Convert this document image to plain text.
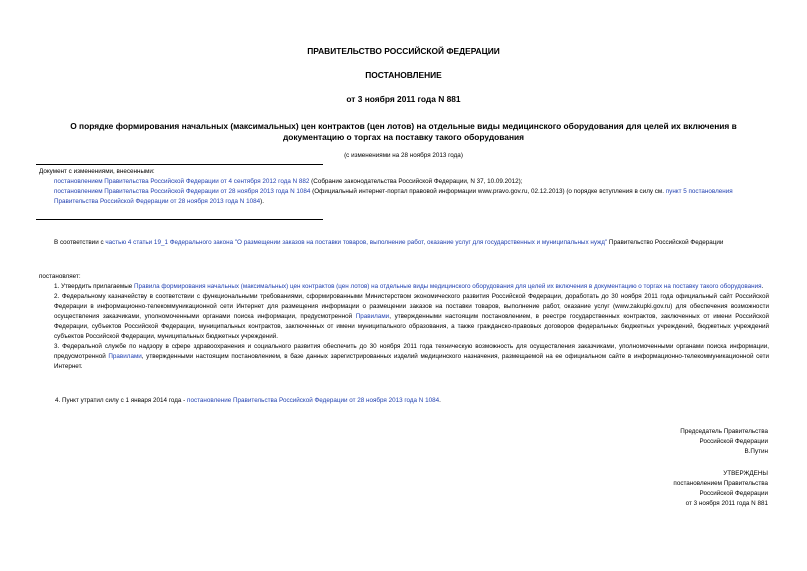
ПРАВИТЕЛЬСТВО РОССИЙСКОЙ ФЕДЕРАЦИИ
ПОСТАНОВЛЕНИЕ
от 3 ноября 2011 года N 881
О порядке формирования начальных (максимальных) цен контрактов (цен лотов) на отдельные виды медицинского оборудования для целей их включения в документацию о торгах на поставку такого оборудования
(с изменениями на 28 ноября 2013 года)
Документ с изменениями, внесенными:
постановлением Правительства Российской Федерации от 4 сентября 2012 года N 882 (Собрание законодательства Российской Федерации, N 37, 10.09.2012);
постановлением Правительства Российской Федерации от 28 ноября 2013 года N 1084 (Официальный интернет-портал правовой информации www.pravo.gov.ru, 02.12.2013) (о порядке вступления в силу см. пункт 5 постановления Правительства Российской Федерации от 28 ноября 2013 года N 1084).
В соответствии с частью 4 статьи 19_1 Федерального закона "О размещении заказов на поставки товаров, выполнение работ, оказание услуг для государственных и муниципальных нужд" Правительство Российской Федерации
постановляет:

1. Утвердить прилагаемые Правила формирования начальных (максимальных) цен контрактов (цен лотов) на отдельные виды медицинского оборудования для целей их включения в документацию о торгах на поставку такого оборудования.

2. Федеральному казначейству в соответствии с функциональными требованиями, сформированными Министерством экономического развития Российской Федерации, доработать до 30 ноября 2011 года официальный сайт Российской Федерации в информационно-телекоммуникационной сети Интернет для размещения информации о размещении заказов на поставки товаров, выполнение работ, оказание услуг (www.zakupki.gov.ru) для обеспечения возможности осуществления заказчиками, уполномоченными органами поиска информации, предусмотренной Правилами, утвержденными настоящим постановлением, в реестре государственных контрактов, заключенных от имени Российской Федерации, субъектов Российской Федерации, муниципальных контрактов, заключенных от имени муниципального образования, а также гражданско-правовых договоров федеральных бюджетных учреждений, бюджетных учреждений субъектов Российской Федерации, муниципальных бюджетных учреждений.

3. Федеральной службе по надзору в сфере здравоохранения и социального развития обеспечить до 30 ноября 2011 года техническую возможность для осуществления заказчиками, уполномоченными органами поиска информации, предусмотренной Правилами, утвержденными настоящим постановлением, в базе данных зарегистрированных изделий медицинского назначения, размещаемой на ее официальном сайте в информационно-телекоммуникационной сети Интернет.

4. Пункт утратил силу с 1 января 2014 года - постановление Правительства Российской Федерации от 28 ноября 2013 года N 1084.
Председатель Правительства
Российской Федерации
В.Путин
УТВЕРЖДЕНЫ
постановлением Правительства
Российской Федерации
от 3 ноября 2011 года N 881
